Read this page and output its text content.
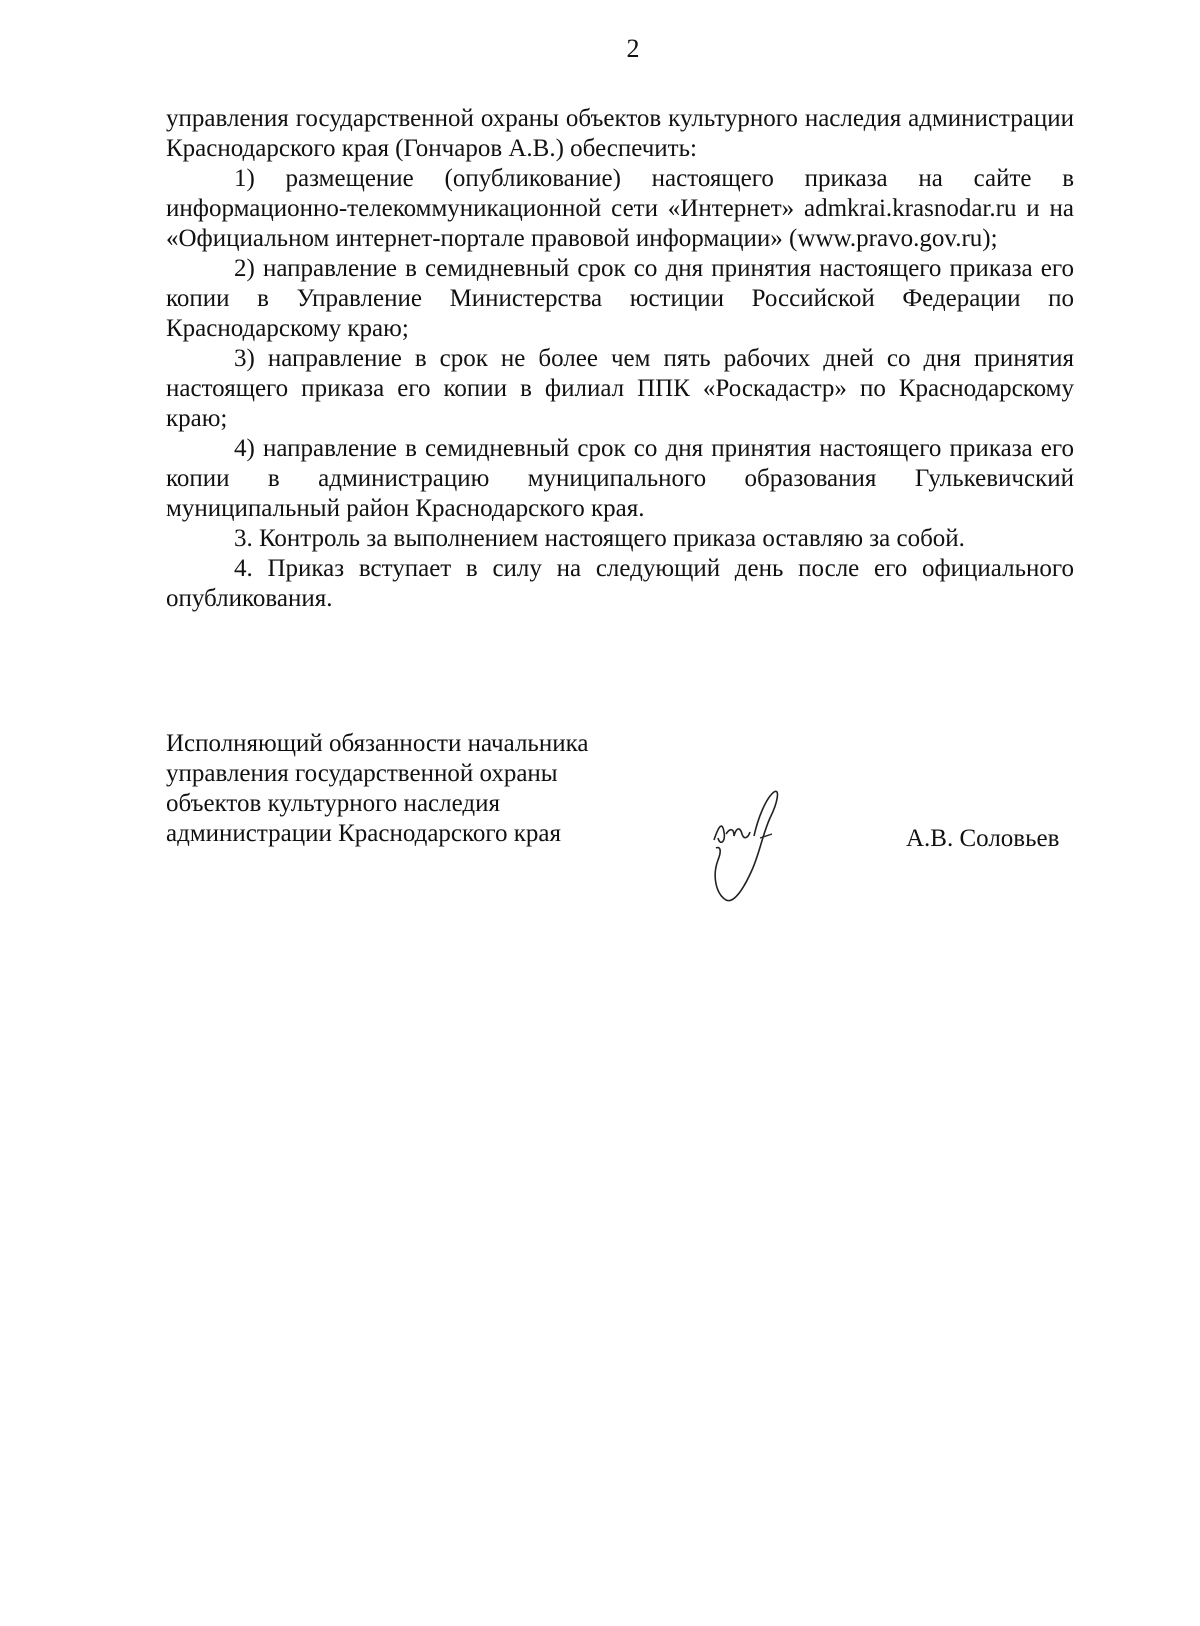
2

управления государственной охраны объектов культурного наследия администрации Краснодарского края (Гончаров А.В.) обеспечить:

1) размещение (опубликование) настоящего приказа на сайте в информационно-телекоммуникационной сети «Интернет» admkrai.krasnodar.ru и на «Официальном интернет-портале правовой информации» (www.pravo.gov.ru);

2) направление в семидневный срок со дня принятия настоящего приказа его копии в Управление Министерства юстиции Российской Федерации по Краснодарскому краю;

3) направление в срок не более чем пять рабочих дней со дня принятия настоящего приказа его копии в филиал ППК «Роскадастр» по Краснодарскому краю;

4) направление в семидневный срок со дня принятия настоящего приказа его копии в администрацию муниципального образования Гулькевичский муниципальный район Краснодарского края.

3. Контроль за выполнением настоящего приказа оставляю за собой.

4. Приказ вступает в силу на следующий день после его официального опубликования.

Исполняющий обязанности начальника
управления государственной охраны
объектов культурного наследия
администрации Краснодарского края	А.В. Соловьев
